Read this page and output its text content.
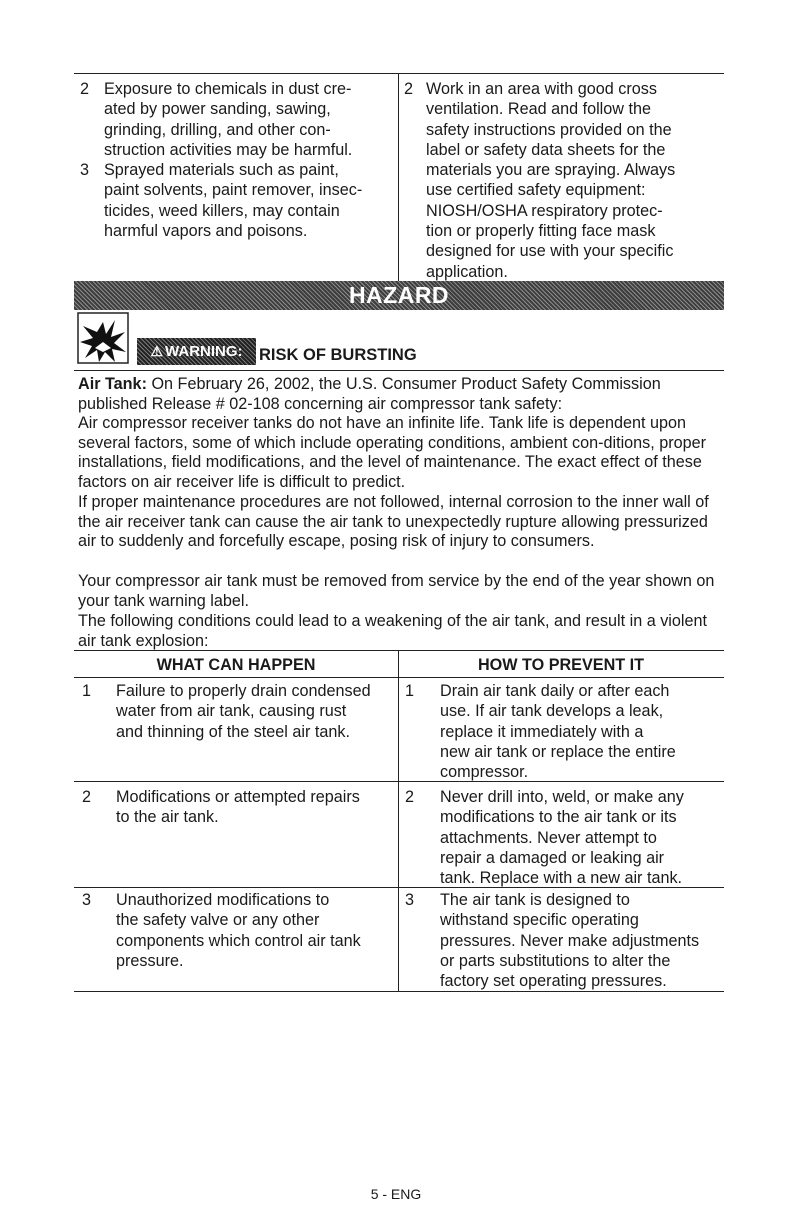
2 Exposure to chemicals in dust cre-
ated by power sanding, sawing,
grinding, drilling, and other con-
struction activities may be harmful.
3 Sprayed materials such as paint,
paint solvents, paint remover, insec-
ticides, weed killers, may contain
harmful vapors and poisons.
2 Work in an area with good cross
ventilation. Read and follow the
safety instructions provided on the
label or safety data sheets for the
materials you are spraying. Always
use certified safety equipment:
NIOSH/OSHA respiratory protec-
tion or properly fitting face mask
designed for use with your specific
application.
HAZARD
⚠ WARNING: RISK OF BURSTING
Air Tank: On February 26, 2002, the U.S. Consumer Product Safety Commission published Release # 02-108 concerning air compressor tank safety:
Air compressor receiver tanks do not have an infinite life. Tank life is dependent upon several factors, some of which include operating conditions, ambient con-ditions, proper installations, field modifications, and the level of maintenance. The exact effect of these factors on air receiver life is difficult to predict.
If proper maintenance procedures are not followed, internal corrosion to the inner wall of the air receiver tank can cause the air tank to unexpectedly rupture allowing pressurized air to suddenly and forcefully escape, posing risk of injury to consumers.
Your compressor air tank must be removed from service by the end of the year shown on your tank warning label.
The following conditions could lead to a weakening of the air tank, and result in a violent air tank explosion:
WHAT CAN HAPPEN	HOW TO PREVENT IT
1 Failure to properly drain condensed
water from air tank, causing rust
and thinning of the steel air tank.
1 Drain air tank daily or after each
use. If air tank develops a leak,
replace it immediately with a
new air tank or replace the entire
compressor.
2 Modifications or attempted repairs
to the air tank.
2 Never drill into, weld, or make any
modifications to the air tank or its
attachments. Never attempt to
repair a damaged or leaking air
tank. Replace with a new air tank.
3 Unauthorized modifications to
the safety valve or any other
components which control air tank
pressure.
3 The air tank is designed to
withstand specific operating
pressures. Never make adjustments
or parts substitutions to alter the
factory set operating pressures.
5 - ENG
